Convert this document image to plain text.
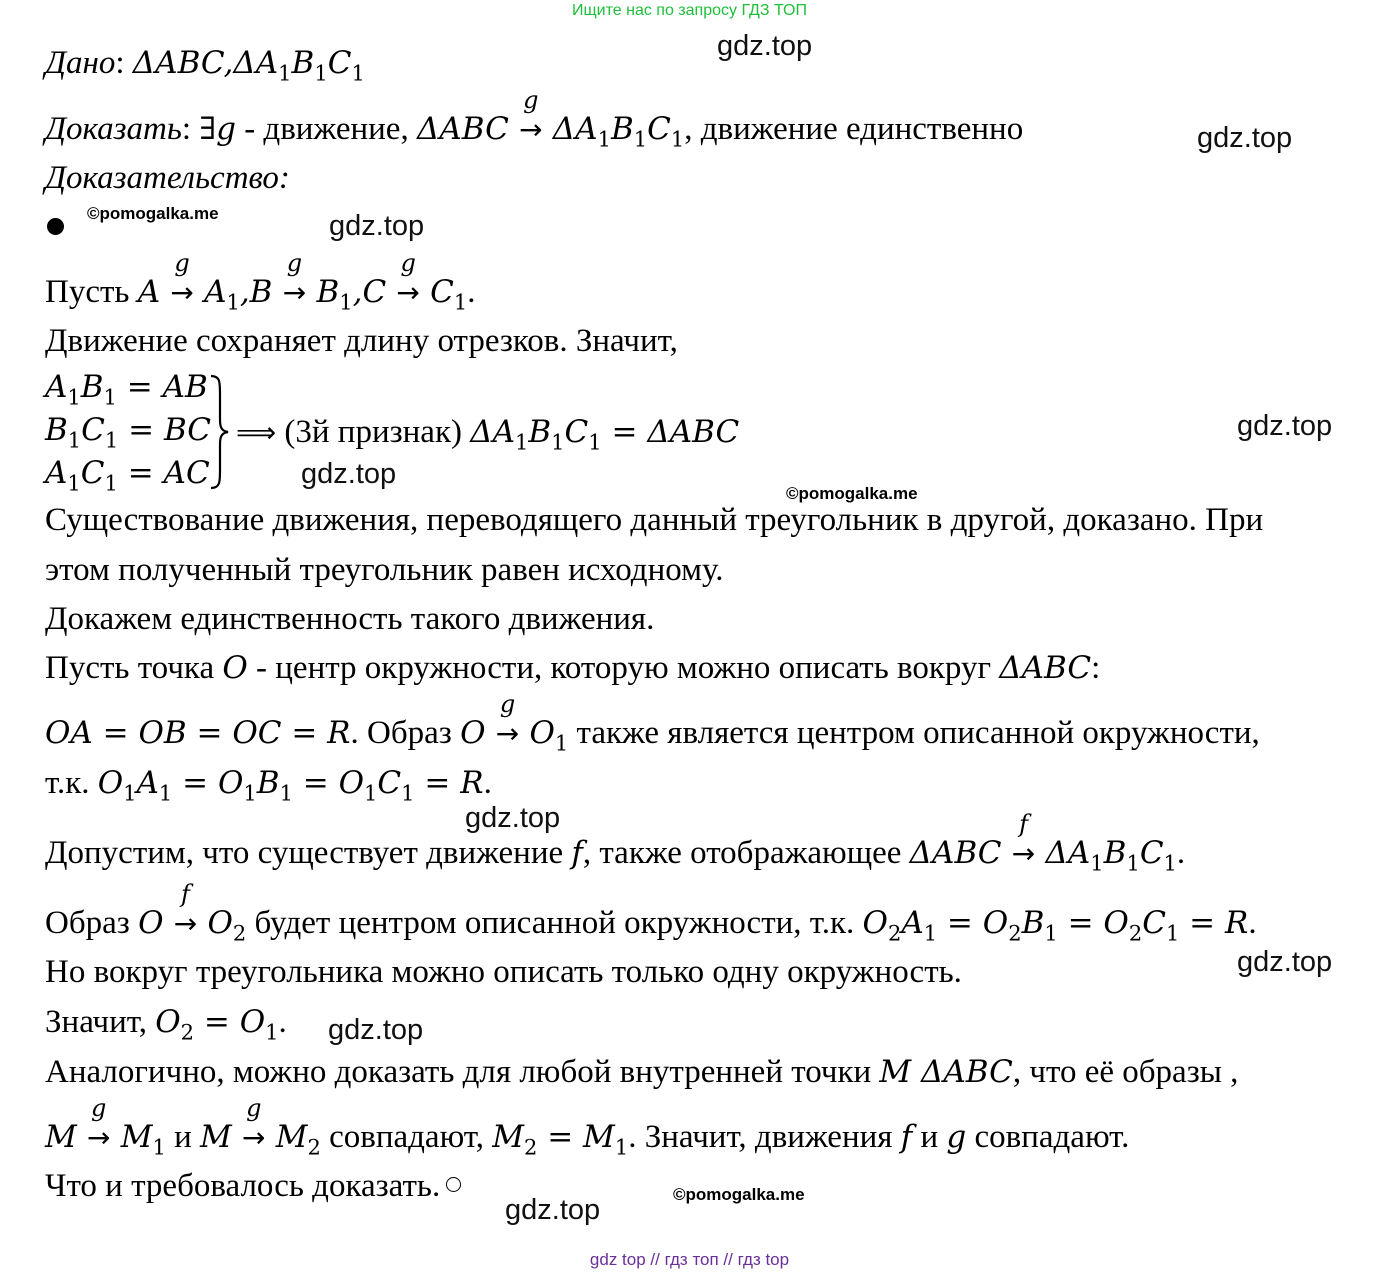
Ищите нас по запросу ГДЗ ТОП
gdz.top
gdz.top
gdz.top
gdz.top
gdz.top
gdz.top
gdz.top
gdz.top
gdz.top
©pomogalka.me
©pomogalka.me
©pomogalka.me
Дано: $\Delta ABC,\Delta A_1B_1C_1$
Доказать: ∃g - движение, ΔABC →
g
$\Delta A_1B_1C_1$, движение единственно
Доказательство:
Пусть A →
g
$A_1,B$ →
g
$B_1,C$ →
g
$C_1$.
Движение сохраняет длину отрезков. Значит,
$A_1B_1$ = AB
$B_1C_1$ = BC
$A_1C_1$ = AC
⟹ (3й признак) $\Delta A_1B_1C_1 = \Delta ABC$
Существование движения, переводящего данный треугольник в другой, доказано. При
этом полученный треугольник равен исходному.
Докажем единственность такого движения.
Пусть точка O - центр окружности, которую можно описать вокруг ΔABC:
OA = OB = OC = R. Образ O →
g
$O_1$ также является центром описанной окружности,
т.к. $O_1A_1 = O_1B_1 = O_1C_1 = R$.
Допустим, что существует движение f, также отображающее ΔABC →
f
$\Delta A_1B_1C_1$.
Образ O →
f
$O_2$ будет центром описанной окружности, т.к. $O_2A_1 = O_2B_1 = O_2C_1 = R$.
Но вокруг треугольника можно описать только одну окружность.
Значит, $O_2 = O_1$.
Аналогично, можно доказать для любой внутренней точки M ΔABC, что её образы ,
M →
g
$M_1$ и M →
g
$M_2$ совпадают, $M_2 = M_1$. Значит, движения f и g совпадают.
Что и требовалось доказать.
gdz top // гдз топ // гдз top
